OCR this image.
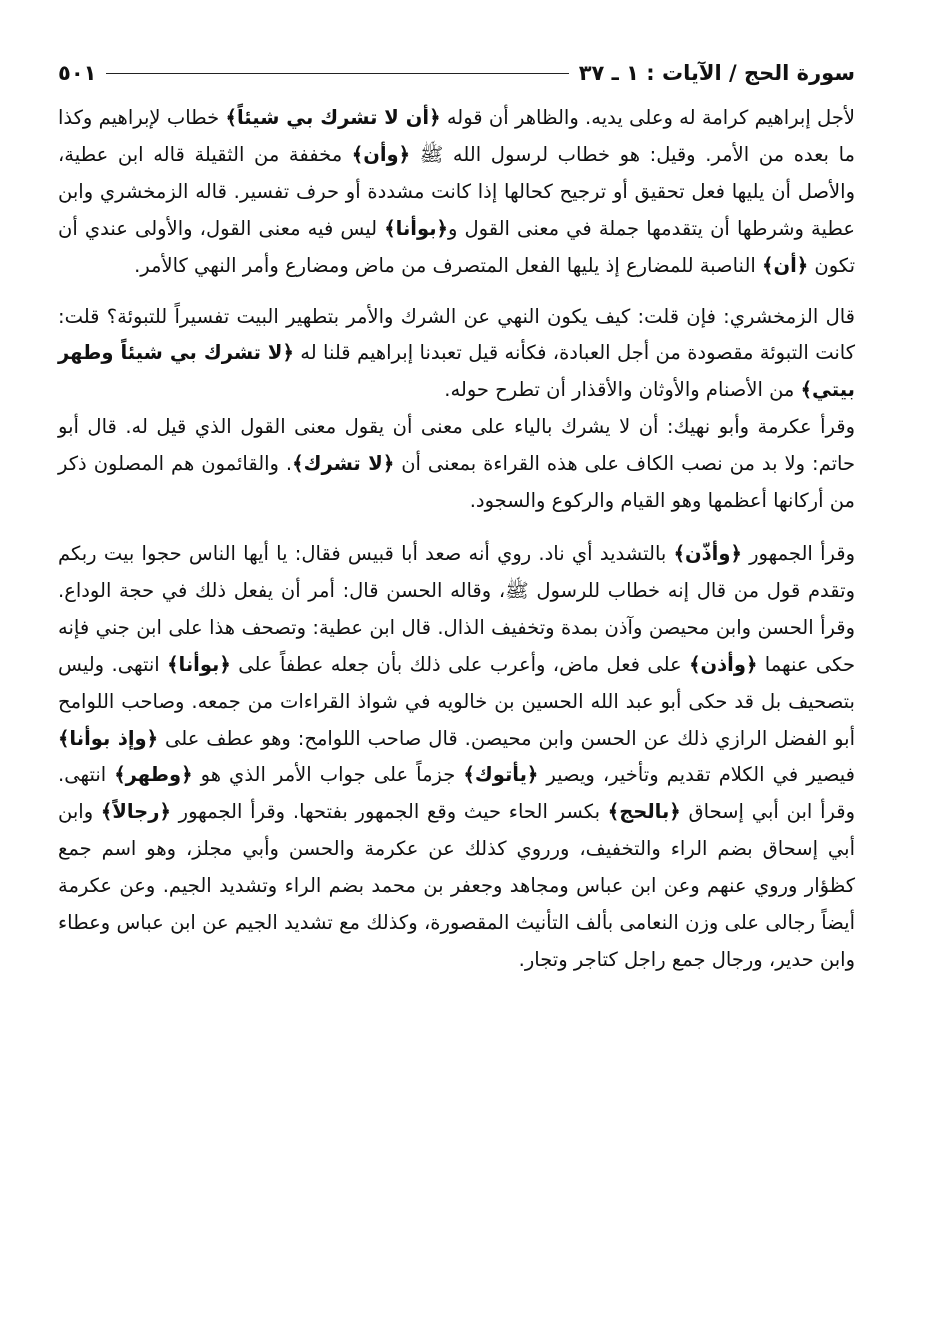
سورة الحج / الآيات : ١ ـ ٣٧
٥٠١

لأجل إبراهيم كرامة له وعلى يديه. والظاهر أن قوله ﴿أن لا تشرك بي شيئاً﴾ خطاب لإبراهيم وكذا ما بعده من الأمر. وقيل: هو خطاب لرسول الله ﷺ ﴿وأن﴾ مخففة من الثقيلة قاله ابن عطية، والأصل أن يليها فعل تحقيق أو ترجيح كحالها إذا كانت مشددة أو حرف تفسير. قاله الزمخشري وابن عطية وشرطها أن يتقدمها جملة في معنى القول و﴿بوأنا﴾ ليس فيه معنى القول، والأولى عندي أن تكون ﴿أن﴾ الناصبة للمضارع إذ يليها الفعل المتصرف من ماض ومضارع وأمر النهي كالأمر.

قال الزمخشري: فإن قلت: كيف يكون النهي عن الشرك والأمر بتطهير البيت تفسيراً للتبوئة؟ قلت: كانت التبوئة مقصودة من أجل العبادة، فكأنه قيل تعبدنا إبراهيم قلنا له ﴿لا تشرك بي شيئاً وطهر بيتي﴾ من الأصنام والأوثان والأقذار أن تطرح حوله.

وقرأ عكرمة وأبو نهيك: أن لا يشرك بالياء على معنى أن يقول معنى القول الذي قيل له. قال أبو حاتم: ولا بد من نصب الكاف على هذه القراءة بمعنى أن ﴿لا تشرك﴾. والقائمون هم المصلون ذكر من أركانها أعظمها وهو القيام والركوع والسجود.

وقرأ الجمهور ﴿وأذّن﴾ بالتشديد أي ناد. روي أنه صعد أبا قبيس فقال: يا أيها الناس حجوا بيت ربكم وتقدم قول من قال إنه خطاب للرسول ﷺ، وقاله الحسن قال: أمر أن يفعل ذلك في حجة الوداع. وقرأ الحسن وابن محيصن وآذن بمدة وتخفيف الذال. قال ابن عطية: وتصحف هذا على ابن جني فإنه حكى عنهما ﴿وأذن﴾ على فعل ماض، وأعرب على ذلك بأن جعله عطفاً على ﴿بوأنا﴾ انتهى. وليس بتصحيف بل قد حكى أبو عبد الله الحسين بن خالويه في شواذ القراءات من جمعه. وصاحب اللوامح أبو الفضل الرازي ذلك عن الحسن وابن محيصن. قال صاحب اللوامح: وهو عطف على ﴿وإذ بوأنا﴾ فيصير في الكلام تقديم وتأخير، ويصير ﴿يأتوك﴾ جزماً على جواب الأمر الذي هو ﴿وطهر﴾ انتهى. وقرأ ابن أبي إسحاق ﴿بالحج﴾ بكسر الحاء حيث وقع الجمهور بفتحها. وقرأ الجمهور ﴿رجالاً﴾ وابن أبي إسحاق بضم الراء والتخفيف، ورروي كذلك عن عكرمة والحسن وأبي مجلز، وهو اسم جمع كظؤار وروي عنهم وعن ابن عباس ومجاهد وجعفر بن محمد بضم الراء وتشديد الجيم. وعن عكرمة أيضاً رجالى على وزن النعامى بألف التأنيث المقصورة، وكذلك مع تشديد الجيم عن ابن عباس وعطاء وابن حدير، ورجال جمع راجل كتاجر وتجار.
